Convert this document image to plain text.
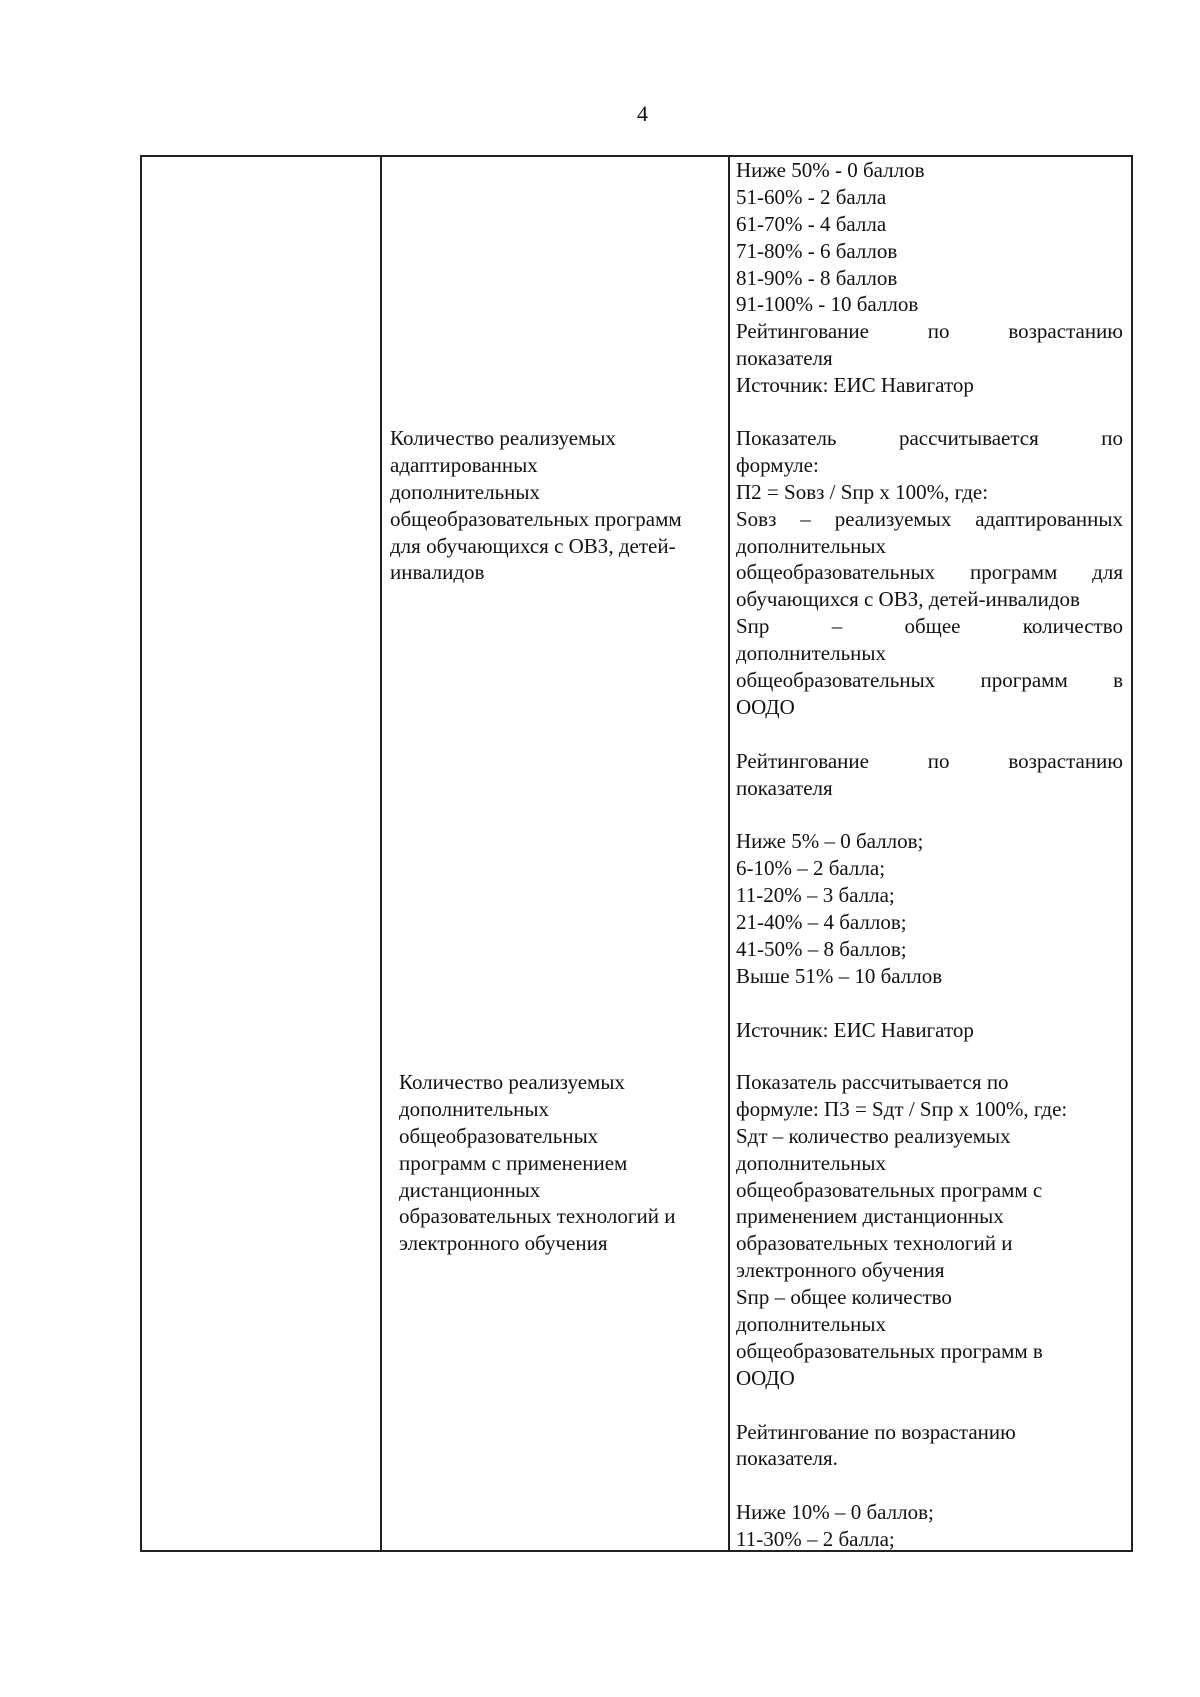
4
Ниже 50% - 0 баллов
51-60% - 2 балла
61-70% - 4 балла
71-80% - 6 баллов
81-90% - 8 баллов
91-100% - 10 баллов
Рейтингование по возрастанию
показателя
Источник: ЕИС Навигатор
Количество реализуемых
адаптированных
дополнительных
общеобразовательных программ
для обучающихся с ОВЗ, детей-
инвалидов
Показатель рассчитывается по
формуле:
П2 = Sовз / Sпр х 100%, где:
Sовз – реализуемых адаптированных
дополнительных
общеобразовательных программ для
обучающихся с ОВЗ, детей-инвалидов
Sпр – общее количество
дополнительных
общеобразовательных программ в
ООДО
Рейтингование по возрастанию
показателя
Ниже 5% – 0 баллов;
6-10% – 2 балла;
11-20% – 3 балла;
21-40% – 4 баллов;
41-50% – 8 баллов;
Выше 51% – 10 баллов
Источник: ЕИС Навигатор
Количество реализуемых
дополнительных
общеобразовательных
программ с применением
дистанционных
образовательных технологий и
электронного обучения
Показатель рассчитывается по
формуле: П3 = Sдт / Sпр х 100%, где:
Sдт – количество реализуемых
дополнительных
общеобразовательных программ с
применением дистанционных
образовательных технологий и
электронного обучения
Sпр – общее количество
дополнительных
общеобразовательных программ в
ООДО
Рейтингование по возрастанию
показателя.
Ниже 10% – 0 баллов;
11-30% – 2 балла;
